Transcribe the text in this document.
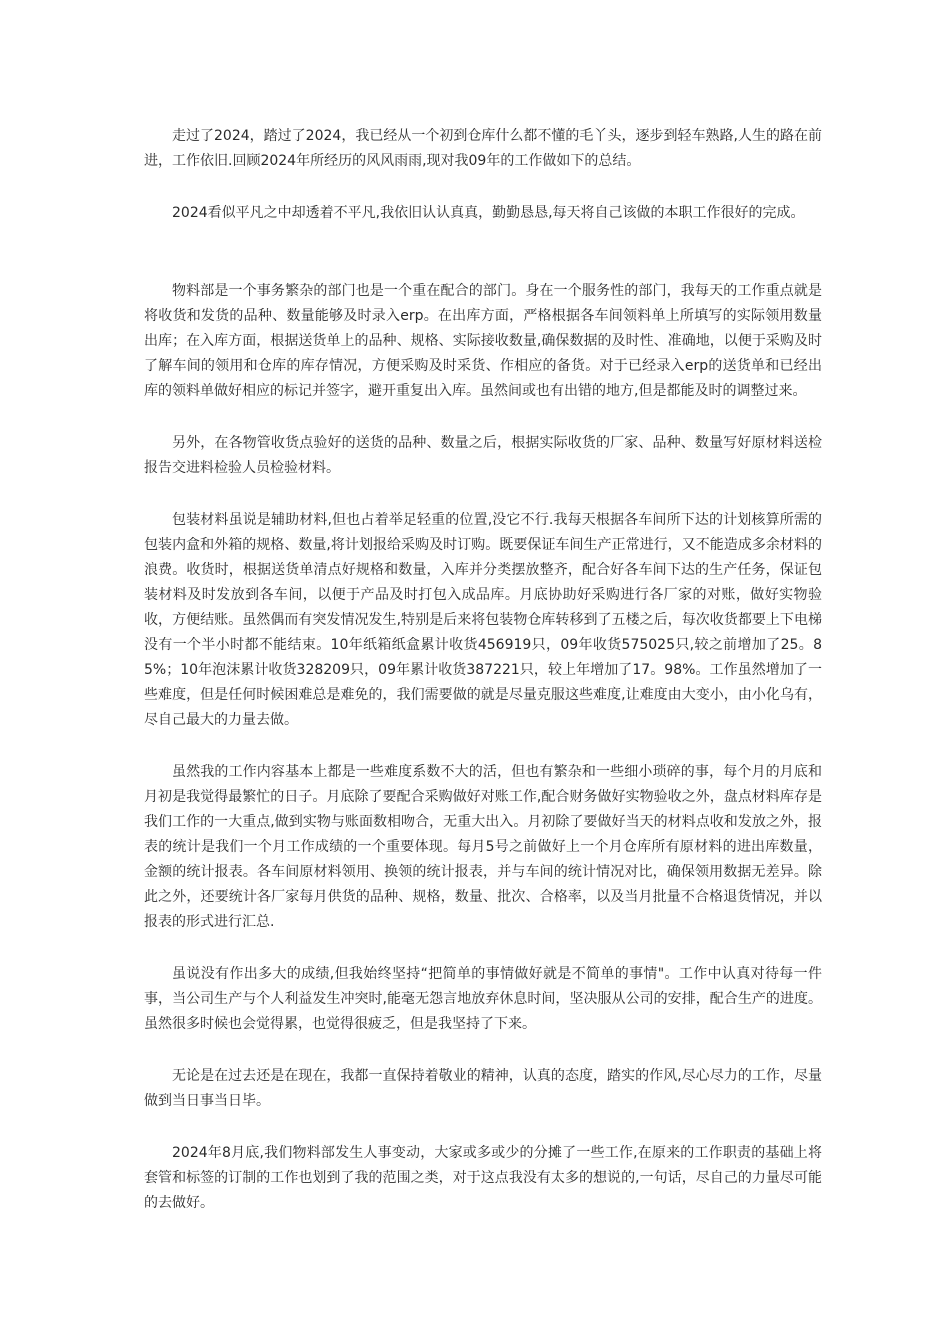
走过了2024，踏过了2024，我已经从一个初到仓库什么都不懂的毛丫头，逐步到轻车熟路,人生的路在前进，工作依旧.回顾2024年所经历的风风雨雨,现对我09年的工作做如下的总结。

2024看似平凡之中却透着不平凡,我依旧认认真真，勤勤恳恳,每天将自己该做的本职工作很好的完成。

物料部是一个事务繁杂的部门也是一个重在配合的部门。身在一个服务性的部门，我每天的工作重点就是将收货和发货的品种、数量能够及时录入erp。在出库方面，严格根据各车间领料单上所填写的实际领用数量出库；在入库方面，根据送货单上的品种、规格、实际接收数量,确保数据的及时性、准确地，以便于采购及时了解车间的领用和仓库的库存情况，方便采购及时采货、作相应的备货。对于已经录入erp的送货单和已经出库的领料单做好相应的标记并签字，避开重复出入库。虽然间或也有出错的地方,但是都能及时的调整过来。

另外，在各物管收货点验好的送货的品种、数量之后，根据实际收货的厂家、品种、数量写好原材料送检报告交进料检验人员检验材料。

包装材料虽说是辅助材料,但也占着举足轻重的位置,没它不行.我每天根据各车间所下达的计划核算所需的包装内盒和外箱的规格、数量,将计划报给采购及时订购。既要保证车间生产正常进行，又不能造成多余材料的浪费。收货时，根据送货单清点好规格和数量，入库并分类摆放整齐，配合好各车间下达的生产任务，保证包装材料及时发放到各车间，以便于产品及时打包入成品库。月底协助好采购进行各厂家的对账，做好实物验收，方便结账。虽然偶而有突发情况发生,特别是后来将包装物仓库转移到了五楼之后，每次收货都要上下电梯没有一个半小时都不能结束。10年纸箱纸盒累计收货456919只，09年收货575025只,较之前增加了25。85%；10年泡沫累计收货328209只，09年累计收货387221只，较上年增加了17。98%。工作虽然增加了一些难度，但是任何时候困难总是难免的，我们需要做的就是尽量克服这些难度,让难度由大变小，由小化乌有，尽自己最大的力量去做。

虽然我的工作内容基本上都是一些难度系数不大的活，但也有繁杂和一些细小琐碎的事，每个月的月底和月初是我觉得最繁忙的日子。月底除了要配合采购做好对账工作,配合财务做好实物验收之外，盘点材料库存是我们工作的一大重点,做到实物与账面数相吻合，无重大出入。月初除了要做好当天的材料点收和发放之外，报表的统计是我们一个月工作成绩的一个重要体现。每月5号之前做好上一个月仓库所有原材料的进出库数量，金额的统计报表。各车间原材料领用、换领的统计报表，并与车间的统计情况对比，确保领用数据无差异。除此之外，还要统计各厂家每月供货的品种、规格，数量、批次、合格率，以及当月批量不合格退货情况，并以报表的形式进行汇总.

虽说没有作出多大的成绩,但我始终坚持“把简单的事情做好就是不简单的事情"。工作中认真对待每一件事，当公司生产与个人利益发生冲突时,能毫无怨言地放弃休息时间，坚决服从公司的安排，配合生产的进度。虽然很多时候也会觉得累，也觉得很疲乏，但是我坚持了下来。

无论是在过去还是在现在，我都一直保持着敬业的精神，认真的态度，踏实的作风,尽心尽力的工作，尽量做到当日事当日毕。

2024年8月底,我们物料部发生人事变动，大家或多或少的分摊了一些工作,在原来的工作职责的基础上将套管和标签的订制的工作也划到了我的范围之类，对于这点我没有太多的想说的,一句话，尽自己的力量尽可能的去做好。
